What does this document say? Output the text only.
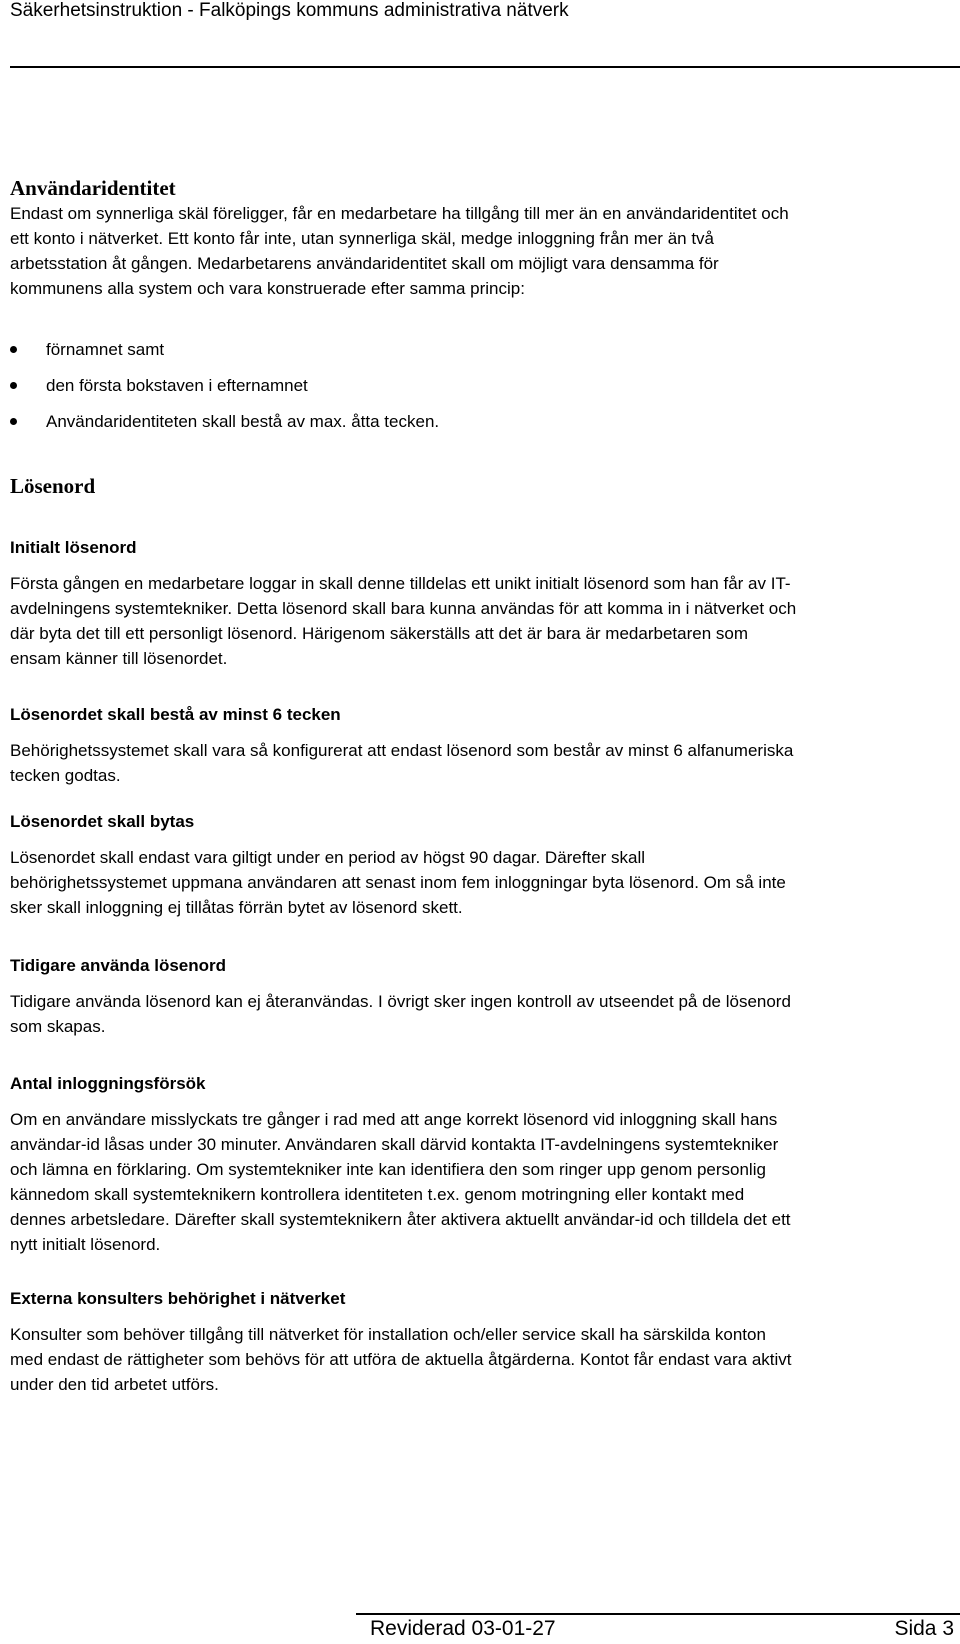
Säkerhetsinstruktion - Falköpings kommuns administrativa nätverk
Användaridentitet
Endast om synnerliga skäl föreligger, får en medarbetare ha tillgång till mer än en användaridentitet och
ett konto i nätverket. Ett konto får inte, utan synnerliga skäl, medge inloggning från mer än två
arbetsstation åt gången. Medarbetarens användaridentitet skall om möjligt vara densamma för
kommunens alla system och vara konstruerade efter samma princip:
förnamnet samt
den första bokstaven i efternamnet
Användaridentiteten skall bestå av max. åtta tecken.
Lösenord
Initialt lösenord
Första gången en medarbetare loggar in skall denne tilldelas ett unikt initialt lösenord som han får av IT-
avdelningens systemtekniker. Detta lösenord skall bara kunna användas för att komma in i nätverket och
där byta det till ett personligt lösenord. Härigenom säkerställs att det är bara är medarbetaren som
ensam känner till lösenordet.
Lösenordet skall bestå av minst 6 tecken
Behörighetssystemet skall vara så konfigurerat att endast lösenord som består av minst 6 alfanumeriska
tecken godtas.
Lösenordet skall bytas
Lösenordet skall endast vara giltigt under en period av högst 90 dagar. Därefter skall
behörighetssystemet uppmana användaren att senast inom fem inloggningar byta lösenord. Om så inte
sker skall inloggning ej tillåtas förrän bytet av lösenord skett.
Tidigare använda lösenord
Tidigare använda lösenord kan ej återanvändas. I övrigt sker ingen kontroll av utseendet på de lösenord
som skapas.
Antal inloggningsförsök
Om en användare misslyckats tre gånger i rad med att ange korrekt lösenord vid inloggning skall hans
användar-id låsas under 30 minuter. Användaren skall därvid kontakta IT-avdelningens systemtekniker
och lämna en förklaring. Om systemtekniker inte kan identifiera den som ringer upp genom personlig
kännedom skall systemteknikern kontrollera identiteten t.ex. genom motringning eller kontakt med
dennes arbetsledare. Därefter skall systemteknikern åter aktivera aktuellt användar-id och tilldela det ett
nytt initialt lösenord.
Externa konsulters behörighet i nätverket
Konsulter som behöver tillgång till nätverket för installation och/eller service skall ha särskilda konton
med endast de rättigheter som behövs för att utföra de aktuella åtgärderna. Kontot får endast vara aktivt
under den tid arbetet utförs.
Reviderad 03-01-27	Sida 3
